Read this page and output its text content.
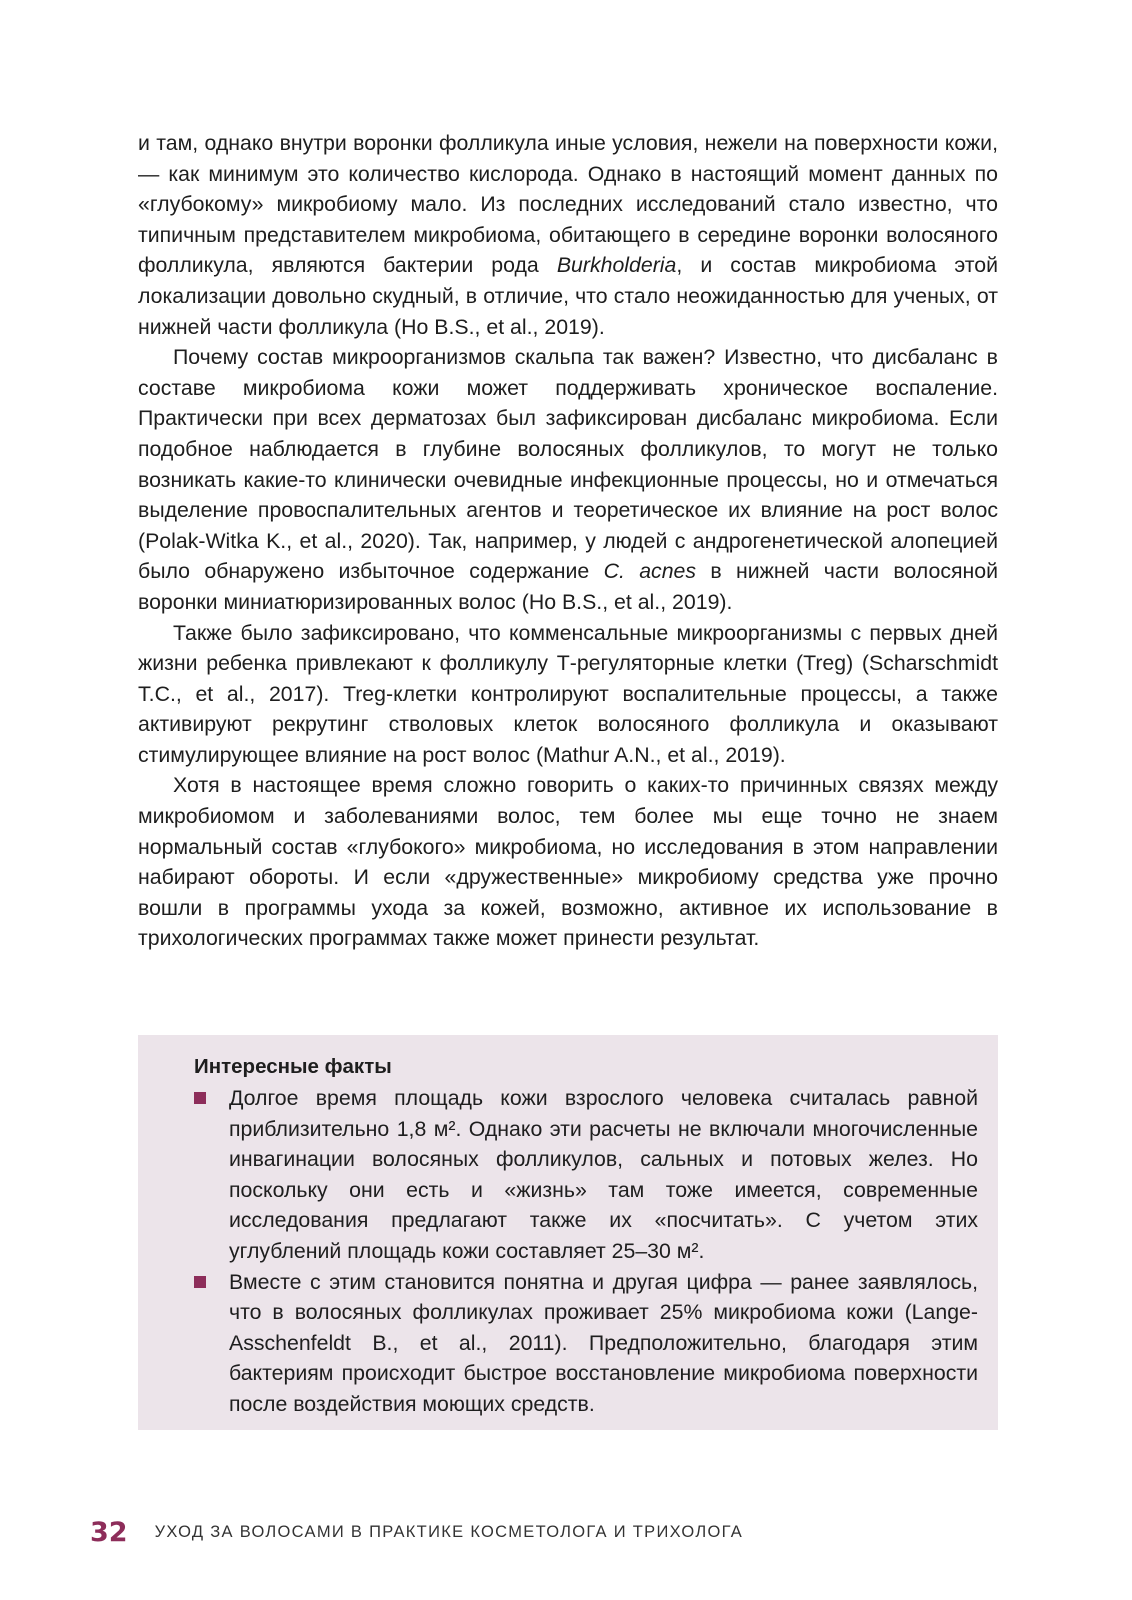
и там, однако внутри воронки фолликула иные условия, нежели на поверхности кожи, — как минимум это количество кислорода. Однако в настоящий момент данных по «глубокому» микробиому мало. Из последних исследований стало известно, что типичным представителем микробиома, обитающего в середине воронки волосяного фолликула, являются бактерии рода Burkholderia, и состав микробиома этой локализации довольно скудный, в отличие, что стало неожиданностью для ученых, от нижней части фолликула (Ho B.S., et al., 2019).

Почему состав микроорганизмов скальпа так важен? Известно, что дисбаланс в составе микробиома кожи может поддерживать хроническое воспаление. Практически при всех дерматозах был зафиксирован дисбаланс микробиома. Если подобное наблюдается в глубине волосяных фолликулов, то могут не только возникать какие-то клинически очевидные инфекционные процессы, но и отмечаться выделение провоспалительных агентов и теоретическое их влияние на рост волос (Polak-Witka K., et al., 2020). Так, например, у людей с андрогенетической алопецией было обнаружено избыточное содержание C. acnes в нижней части волосяной воронки миниатюризированных волос (Ho B.S., et al., 2019).

Также было зафиксировано, что комменсальные микроорганизмы с первых дней жизни ребенка привлекают к фолликулу Т-регуляторные клетки (Treg) (Scharschmidt T.C., et al., 2017). Treg-клетки контролируют воспалительные процессы, а также активируют рекрутинг стволовых клеток волосяного фолликула и оказывают стимулирующее влияние на рост волос (Mathur A.N., et al., 2019).

Хотя в настоящее время сложно говорить о каких-то причинных связях между микробиомом и заболеваниями волос, тем более мы еще точно не знаем нормальный состав «глубокого» микробиома, но исследования в этом направлении набирают обороты. И если «дружественные» микробиому средства уже прочно вошли в программы ухода за кожей, возможно, активное их использование в трихологических программах также может принести результат.

Интересные факты

Долгое время площадь кожи взрослого человека считалась равной приблизительно 1,8 м². Однако эти расчеты не включали многочисленные инвагинации волосяных фолликулов, сальных и потовых желез. Но поскольку они есть и «жизнь» там тоже имеется, современные исследования предлагают также их «посчитать». С учетом этих углублений площадь кожи составляет 25–30 м².
Вместе с этим становится понятна и другая цифра — ранее заявлялось, что в волосяных фолликулах проживает 25% микробиома кожи (Lange-Asschenfeldt B., et al., 2011). Предположительно, благодаря этим бактериям происходит быстрое восстановление микробиома поверхности после воздействия моющих средств.
32 УХОД ЗА ВОЛОСАМИ В ПРАКТИКЕ КОСМЕТОЛОГА И ТРИХОЛОГА
